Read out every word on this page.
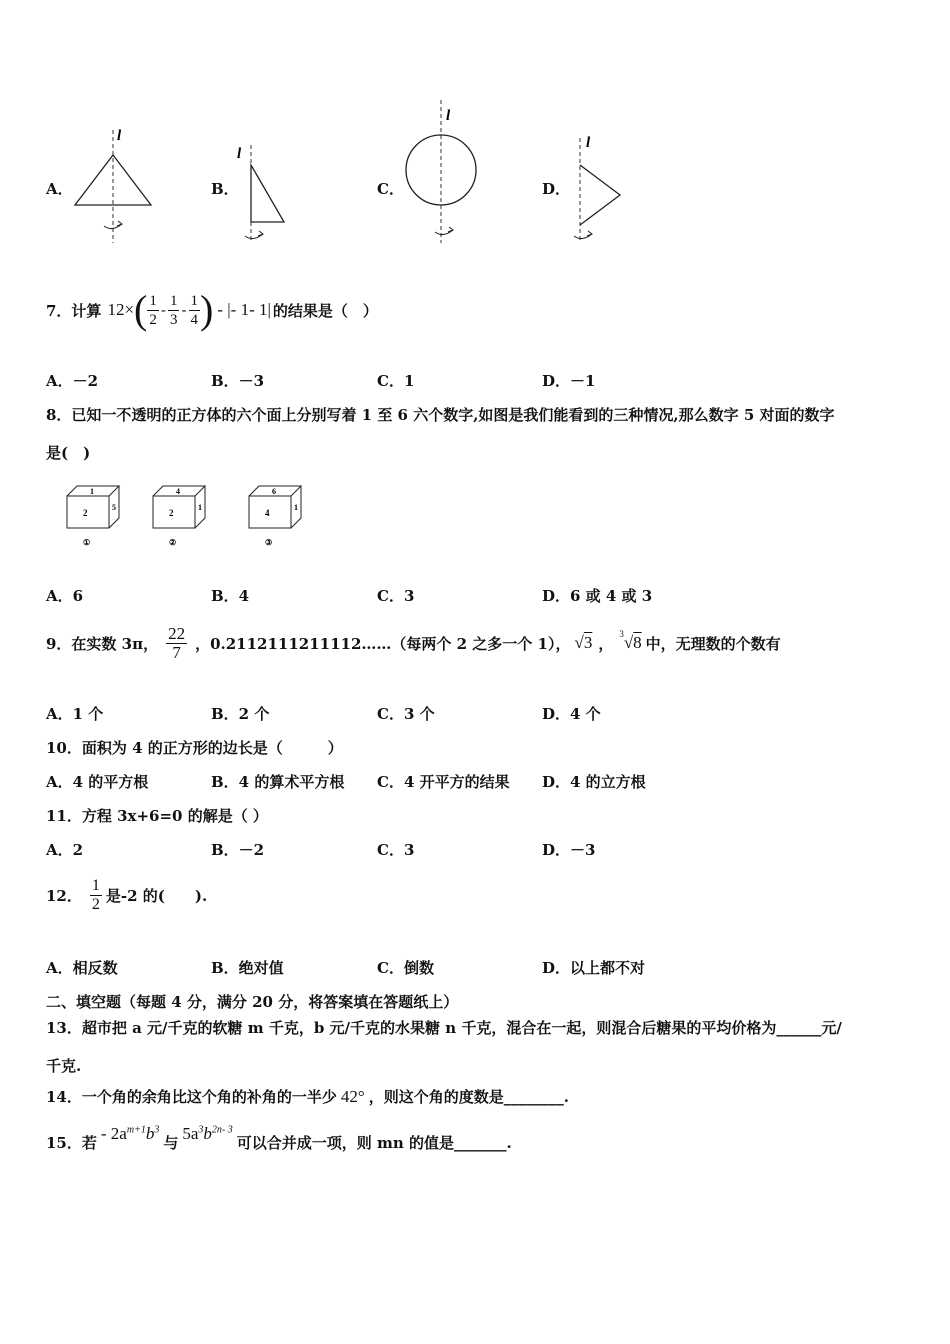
A．	B．	C．	D．
l
l
l
l
7．计算 12× ( $\frac{1}{2} - \frac{1}{3} - \frac{1}{4}$ ) - |- 1- 1| 的结果是（　）
A．－2	B．－3	C．1	D．－1
8．已知一不透明的正方体的六个面上分别写着 1 至 6 六个数字,如图是我们能看到的三种情况,那么数字 5 对面的数字
是(　)
1
2
5
①
4
2
1
②
6
4
1
③
A．6	B．4	C．3	D．6 或 4 或 3
9．在实数 3π， $\frac{22}{7}$ ，0.2112111211112……（每两个 2 之多一个 1）， √3 ，
$^3$√8 中，无理数的个数有
A．1 个	B．2 个	C．3 个	D．4 个
10．面积为 4 的正方形的边长是（　　　）
A．4 的平方根	B．4 的算术平方根 C．4 开平方的结果 D．4 的立方根
11．方程 3x+6=0 的解是（ ）
A．2	B．－2	C．3	D．－3
12． $\frac{1}{2}$ 是-2 的(　　).
A．相反数	B．绝对值	C．倒数	D．以上都不对
二、填空题（每题 4 分，满分 20 分，将答案填在答题纸上）
13．超市把 a 元/千克的软糖 m 千克，b 元/千克的水果糖 n 千克，混合在一起，则混合后糖果的平均价格为______元/
千克.
14．一个角的余角比这个角的补角的一半少 42° ，则这个角的度数是________.
15．若 - $2a^{m+1}b^3$
与 $5a^3b^{2n- 3}$
可以合并成一项，则 mn 的值是_______.
